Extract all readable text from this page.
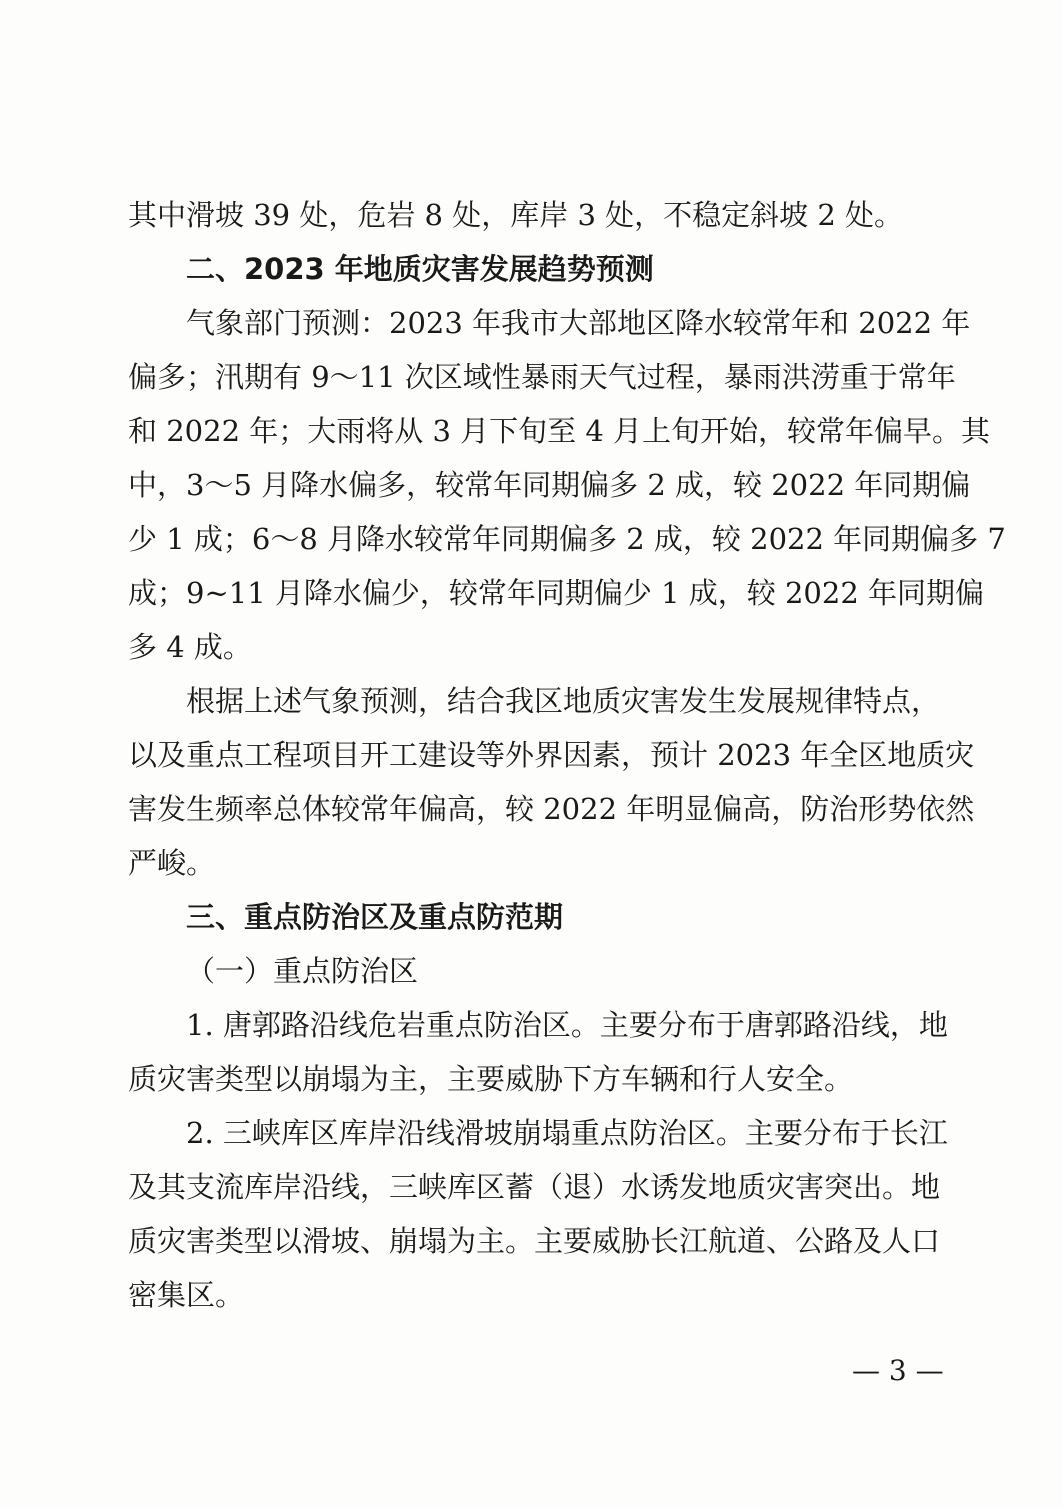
其中滑坡 39 处，危岩 8 处，库岸 3 处，不稳定斜坡 2 处。
二、2023 年地质灾害发展趋势预测
气象部门预测：2023 年我市大部地区降水较常年和 2022 年
偏多；汛期有 9～11 次区域性暴雨天气过程，暴雨洪涝重于常年
和 2022 年；大雨将从 3 月下旬至 4 月上旬开始，较常年偏早。其
中，3～5 月降水偏多，较常年同期偏多 2 成，较 2022 年同期偏
少 1 成；6～8 月降水较常年同期偏多 2 成，较 2022 年同期偏多 7
成；9~11 月降水偏少，较常年同期偏少 1 成，较 2022 年同期偏
多 4 成。
根据上述气象预测，结合我区地质灾害发生发展规律特点，
以及重点工程项目开工建设等外界因素，预计 2023 年全区地质灾
害发生频率总体较常年偏高，较 2022 年明显偏高，防治形势依然
严峻。
三、重点防治区及重点防范期
（一）重点防治区
1. 唐郭路沿线危岩重点防治区。主要分布于唐郭路沿线，地
质灾害类型以崩塌为主，主要威胁下方车辆和行人安全。
2. 三峡库区库岸沿线滑坡崩塌重点防治区。主要分布于长江
及其支流库岸沿线，三峡库区蓄（退）水诱发地质灾害突出。地
质灾害类型以滑坡、崩塌为主。主要威胁长江航道、公路及人口
密集区。
— 3 —
